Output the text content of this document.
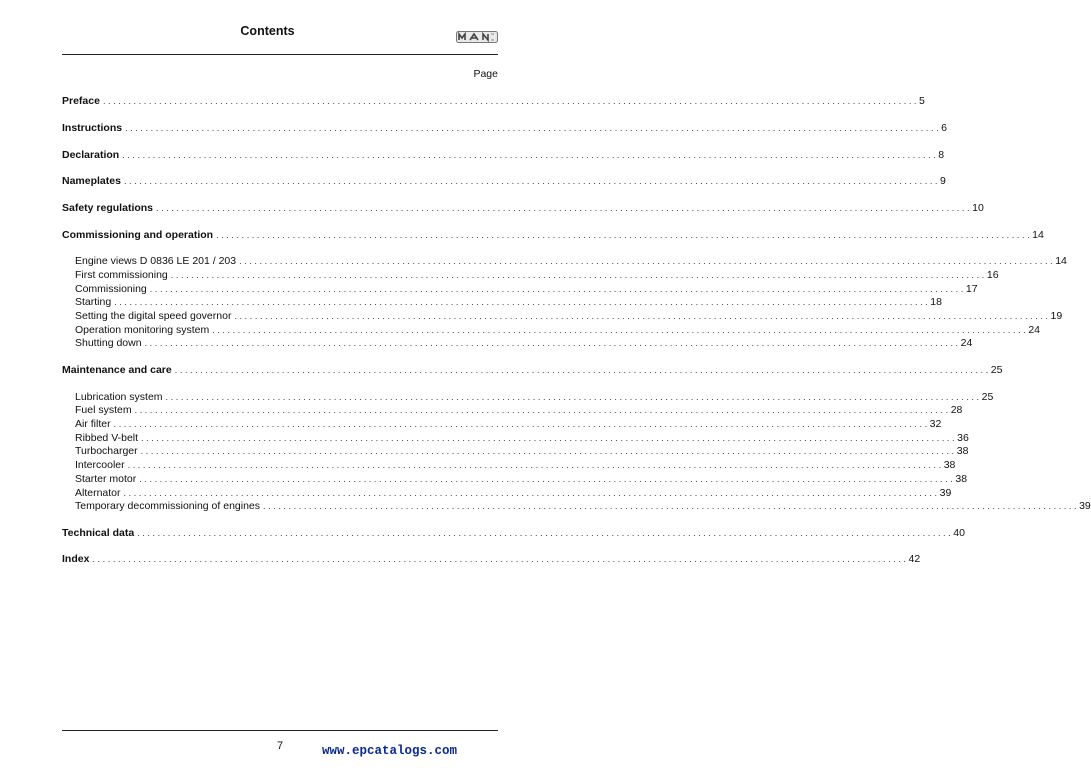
Contents
Page
Preface ................................................................................................................................................................ 5
Instructions ................................................................................................................................................................ 6
Declaration ................................................................................................................................................................ 8
Nameplates ................................................................................................................................................................ 9
Safety regulations ................................................................................................................................................................ 10
Commissioning and operation ................................................................................................................................................................ 14
Engine views D 0836 LE 201 / 203 ................................................................................................................................................................ 14
First commissioning ................................................................................................................................................................ 16
Commissioning ................................................................................................................................................................ 17
Starting ................................................................................................................................................................ 18
Setting the digital speed governor ................................................................................................................................................................ 19
Operation monitoring system ................................................................................................................................................................ 24
Shutting down ................................................................................................................................................................ 24
Maintenance and care ................................................................................................................................................................ 25
Lubrication system ................................................................................................................................................................ 25
Fuel system ................................................................................................................................................................ 28
Air filter ................................................................................................................................................................ 32
Ribbed V-belt ................................................................................................................................................................ 36
Turbocharger ................................................................................................................................................................ 38
Intercooler ................................................................................................................................................................ 38
Starter motor ................................................................................................................................................................ 38
Alternator ................................................................................................................................................................ 39
Temporary decommissioning of engines ................................................................................................................................................................ 39
Technical data ................................................................................................................................................................ 40
Index ................................................................................................................................................................ 42
7	www.epcatalogs.com
